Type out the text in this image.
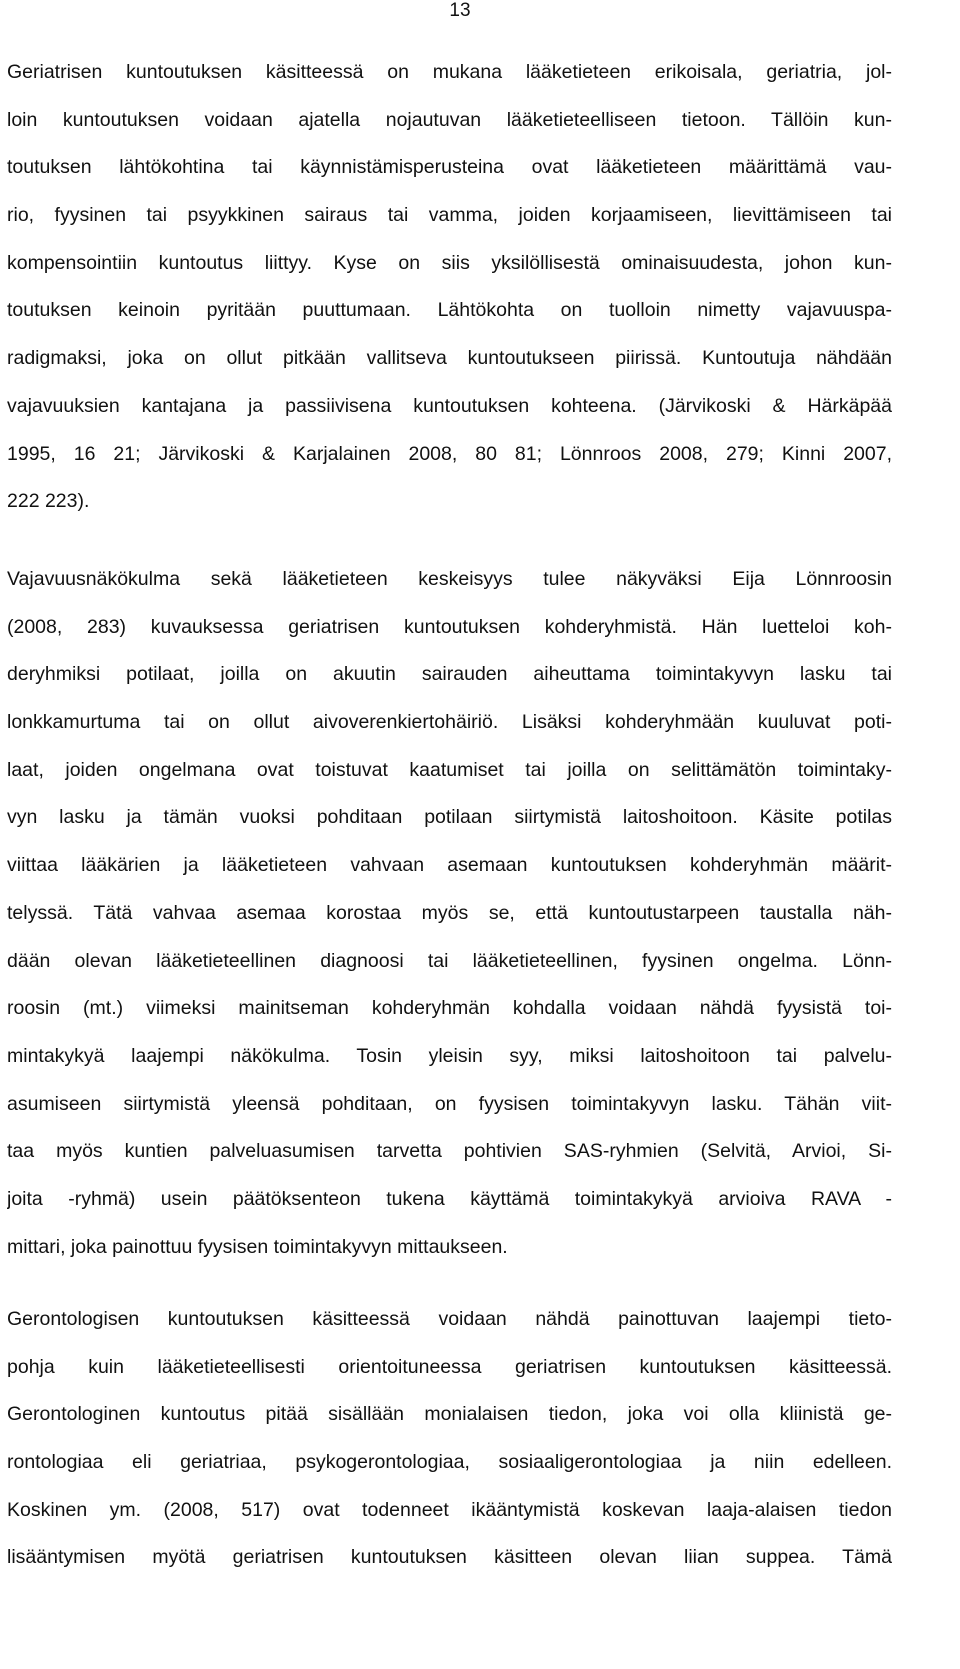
13
Geriatrisen kuntoutuksen käsitteessä on mukana lääketieteen erikoisala, geriatria, jol-
loin kuntoutuksen voidaan ajatella nojautuvan lääketieteelliseen tietoon. Tällöin kun-
toutuksen lähtökohtina tai käynnistämisperusteina ovat lääketieteen määrittämä vau-
rio, fyysinen tai psyykkinen sairaus tai vamma, joiden korjaamiseen, lievittämiseen tai
kompensointiin kuntoutus liittyy. Kyse on siis yksilöllisestä ominaisuudesta, johon kun-
toutuksen keinoin pyritään puuttumaan. Lähtökohta on tuolloin nimetty vajavuuspa-
radigmaksi, joka on ollut pitkään vallitseva kuntoutukseen piirissä. Kuntoutuja nähdään
vajavuuksien kantajana ja passiivisena kuntoutuksen kohteena. (Järvikoski & Härkäpää
1995, 16 21; Järvikoski & Karjalainen 2008, 80 81; Lönnroos 2008, 279; Kinni 2007,
222 223).
Vajavuusnäkökulma sekä lääketieteen keskeisyys tulee näkyväksi Eija Lönnroosin
(2008, 283) kuvauksessa geriatrisen kuntoutuksen kohderyhmistä. Hän luetteloi koh-
deryhmiksi potilaat, joilla on akuutin sairauden aiheuttama toimintakyvyn lasku tai
lonkkamurtuma tai on ollut aivoverenkiertohäiriö. Lisäksi kohderyhmään kuuluvat poti-
laat, joiden ongelmana ovat toistuvat kaatumiset tai joilla on selittämätön toimintaky-
vyn lasku ja tämän vuoksi pohditaan potilaan siirtymistä laitoshoitoon. Käsite potilas
viittaa lääkärien ja lääketieteen vahvaan asemaan kuntoutuksen kohderyhmän määrit-
telyssä. Tätä vahvaa asemaa korostaa myös se, että kuntoutustarpeen taustalla näh-
dään olevan lääketieteellinen diagnoosi tai lääketieteellinen, fyysinen ongelma. Lönn-
roosin (mt.) viimeksi mainitseman kohderyhmän kohdalla voidaan nähdä fyysistä toi-
mintakykyä laajempi näkökulma. Tosin yleisin syy, miksi laitoshoitoon tai palvelu-
asumiseen siirtymistä yleensä pohditaan, on fyysisen toimintakyvyn lasku. Tähän viit-
taa myös kuntien palveluasumisen tarvetta pohtivien SAS-ryhmien (Selvitä, Arvioi, Si-
joita -ryhmä) usein päätöksenteon tukena käyttämä toimintakykyä arvioiva RAVA -
mittari, joka painottuu fyysisen toimintakyvyn mittaukseen.
Gerontologisen kuntoutuksen käsitteessä voidaan nähdä painottuvan laajempi tieto-
pohja kuin lääketieteellisesti orientoituneessa geriatrisen kuntoutuksen käsitteessä.
Gerontologinen kuntoutus pitää sisällään monialaisen tiedon, joka voi olla kliinistä ge-
rontologiaa eli geriatriaa, psykogerontologiaa, sosiaaligerontologiaa ja niin edelleen.
Koskinen ym. (2008, 517) ovat todenneet ikääntymistä koskevan laaja-alaisen tiedon
lisääntymisen myötä geriatrisen kuntoutuksen käsitteen olevan liian suppea. Tämä
